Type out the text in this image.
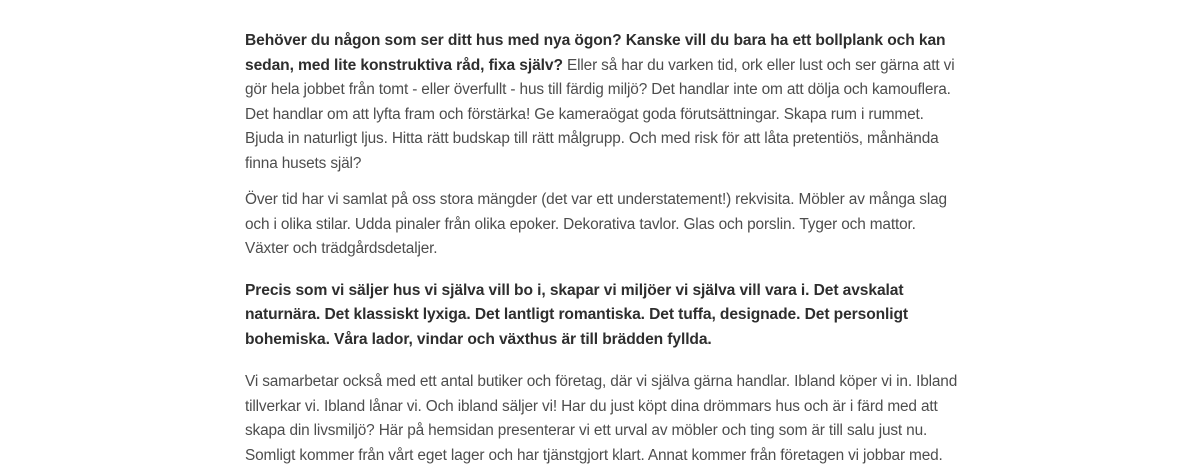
Behöver du någon som ser ditt hus med nya ögon? Kanske vill du bara ha ett bollplank och kan sedan, med lite konstruktiva råd, fixa själv? Eller så har du varken tid, ork eller lust och ser gärna att vi gör hela jobbet från tomt - eller överfullt - hus till färdig miljö? Det handlar inte om att dölja och kamouflera. Det handlar om att lyfta fram och förstärka! Ge kameraögat goda förutsättningar. Skapa rum i rummet. Bjuda in naturligt ljus. Hitta rätt budskap till rätt målgrupp. Och med risk för att låta pretentiös, månhända finna husets själ?

Över tid har vi samlat på oss stora mängder (det var ett understatement!) rekvisita. Möbler av många slag och i olika stilar. Udda pinaler från olika epoker. Dekorativa tavlor. Glas och porslin. Tyger och mattor. Växter och trädgårdsdetaljer.

Precis som vi säljer hus vi själva vill bo i, skapar vi miljöer vi själva vill vara i. Det avskalat naturnära. Det klassiskt lyxiga. Det lantligt romantiska. Det tuffa, designade. Det personligt bohemiska. Våra lador, vindar och växthus är till brädden fyllda.

Vi samarbetar också med ett antal butiker och företag, där vi själva gärna handlar. Ibland köper vi in. Ibland tillverkar vi. Ibland lånar vi. Och ibland säljer vi! Har du just köpt dina drömmars hus och är i färd med att skapa din livsmiljö? Här på hemsidan presenterar vi ett urval av möbler och ting som är till salu just nu. Somligt kommer från vårt eget lager och har tjänstgjort klart. Annat kommer från företagen vi jobbar med.
